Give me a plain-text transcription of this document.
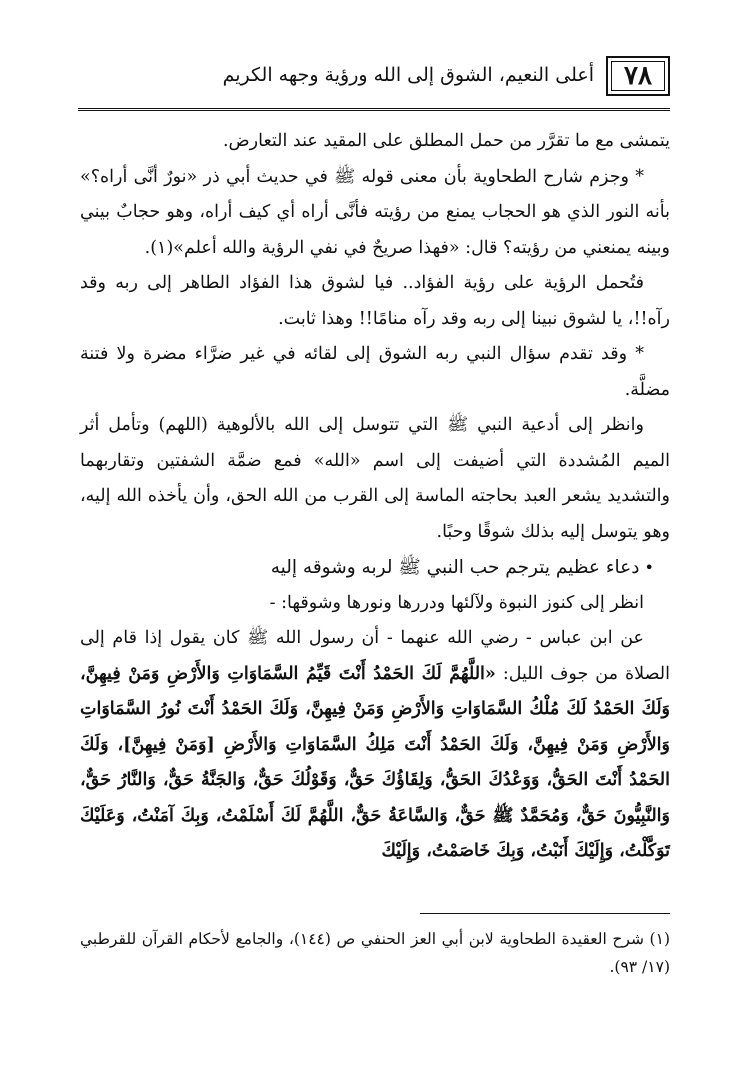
٧٨
أعلى النعيم، الشوق إلى الله ورؤية وجهه الكريم

يتمشى مع ما تقرَّر من حمل المطلق على المقيد عند التعارض.

* وجزم شارح الطحاوية بأن معنى قوله ﷺ في حديث أبي ذر «نورٌ أنَّى أراه؟» بأنه النور الذي هو الحجاب يمنع من رؤيته فأنَّى أراه أي كيف أراه، وهو حجابٌ بيني وبينه يمنعني من رؤيته؟ قال: «فهذا صريحٌ في نفي الرؤية والله أعلم»(١).

فتُحمل الرؤية على رؤية الفؤاد.. فيا لشوق هذا الفؤاد الطاهر إلى ربه وقد رآه!!، يا لشوق نبينا إلى ربه وقد رآه منامًا!! وهذا ثابت.

* وقد تقدم سؤال النبي ربه الشوق إلى لقائه في غير ضرَّاء مضرة ولا فتنة مضلَّة.

وانظر إلى أدعية النبي ﷺ التي تتوسل إلى الله بالألوهية (اللهم) وتأمل أثر الميم المُشددة التي أضيفت إلى اسم «الله» فمع ضمَّة الشفتين وتقاربهما والتشديد يشعر العبد بحاجته الماسة إلى القرب من الله الحق، وأن يأخذه الله إليه، وهو يتوسل إليه بذلك شوقًا وحبًا.

• دعاء عظيم يترجم حب النبي ﷺ لربه وشوقه إليه

انظر إلى كنوز النبوة ولآلئها ودررها ونورها وشوقها: -

عن ابن عباس - رضي الله عنهما - أن رسول الله ﷺ كان يقول إذا قام إلى الصلاة من جوف الليل: «اللَّهُمَّ لَكَ الحَمْدُ أَنْتَ قَيِّمُ السَّمَاوَاتِ وَالأَرْضِ وَمَنْ فِيهِنَّ، وَلَكَ الحَمْدُ لَكَ مُلْكُ السَّمَاوَاتِ وَالأَرْضِ وَمَنْ فِيهِنَّ، وَلَكَ الحَمْدُ أَنْتَ نُورُ السَّمَاوَاتِ وَالأَرْضِ وَمَنْ فِيهِنَّ، وَلَكَ الحَمْدُ أَنْتَ مَلِكُ السَّمَاوَاتِ وَالأَرْضِ [وَمَنْ فِيهِنَّ]، وَلَكَ الحَمْدُ أَنْتَ الحَقُّ، وَوَعْدُكَ الحَقُّ، وَلِقَاؤُكَ حَقٌّ، وَقَوْلُكَ حَقٌّ، وَالجَنَّةُ حَقٌّ، وَالنَّارُ حَقٌّ، وَالنَّبِيُّونَ حَقٌّ، وَمُحَمَّدٌ ﷺ حَقٌّ، وَالسَّاعَةُ حَقٌّ، اللَّهُمَّ لَكَ أَسْلَمْتُ، وَبِكَ آمَنْتُ، وَعَلَيْكَ تَوَكَّلْتُ، وَإِلَيْكَ أَنَبْتُ، وَبِكَ خَاصَمْتُ، وَإِلَيْكَ

(١) شرح العقيدة الطحاوية لابن أبي العز الحنفي ص (١٤٤)، والجامع لأحكام القرآن للقرطبي (١٧/ ٩٣).
